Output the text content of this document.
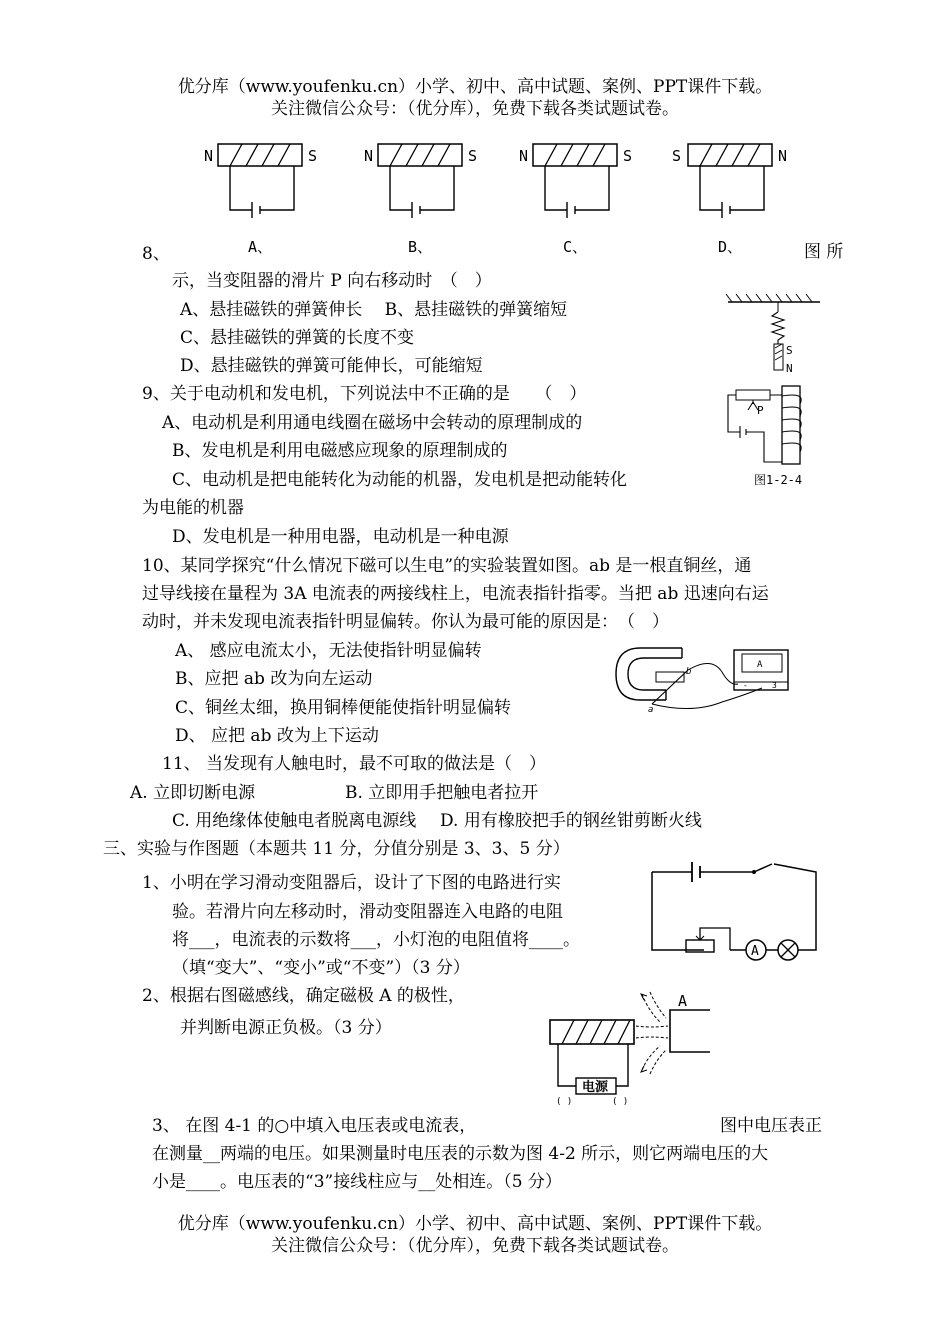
优分库（www.youfenku.cn）小学、初中、高中试题、案例、PPT课件下载。
关注微信公众号：（优分库），免费下载各类试题试卷。
N	S
A、
N	S
B、
N	S
C、
S	N
D、
8、	图 所
示，当变阻器的滑片 P 向右移动时　（　）
A、悬挂磁铁的弹簧伸长　 B、悬挂磁铁的弹簧缩短
C、悬挂磁铁的弹簧的长度不变
D、悬挂磁铁的弹簧可能伸长，可能缩短
S
N
P
图1-2-4
9、关于电动机和发电机，下列说法中不正确的是　　（　）
A、电动机是利用通电线圈在磁场中会转动的原理制成的
B、发电机是利用电磁感应现象的原理制成的
C、电动机是把电能转化为动能的机器，发电机是把动能转化
为电能的机器
D、发电机是一种用电器，电动机是一种电源
10、某同学探究“什么情况下磁可以生电”的实验装置如图。ab 是一根直铜丝，通
过导线接在量程为 3A 电流表的两接线柱上，电流表指针指零。当把 ab 迅速向右运
动时，并未发现电流表指针明显偏转。你认为最可能的原因是：　（　）
A、 感应电流太小，无法使指针明显偏转
B、应把 ab 改为向左运动
C、铜丝太细，换用铜棒便能使指针明显偏转
D、 应把 ab 改为上下运动
a
b
A
-	3
11、 当发现有人触电时，最不可取的做法是（　）
A. 立即切断电源	B. 立即用手把触电者拉开
C. 用绝缘体使触电者脱离电源线 D. 用有橡胶把手的钢丝钳剪断火线
三、实验与作图题（本题共 11 分，分值分别是 3、3、5 分）
1、小明在学习滑动变阻器后，设计了下图的电路进行实
验。若滑片向左移动时，滑动变阻器连入电路的电阻
将___，电流表的示数将___，小灯泡的电阻值将____。
（填“变大”、“变小”或“不变”）（3 分）
A
2、根据右图磁感线，确定磁极 A 的极性，
并判断电源正负极。（3 分）
电源
( )	( )
A
3、 在图 4-1 的○中填入电压表或电流表，	图中电压表正
在测量__两端的电压。如果测量时电压表的示数为图 4-2 所示，则它两端电压的大
小是____。电压表的“3”接线柱应与__处相连。（5 分）
优分库（www.youfenku.cn）小学、初中、高中试题、案例、PPT课件下载。
关注微信公众号：（优分库），免费下载各类试题试卷。
